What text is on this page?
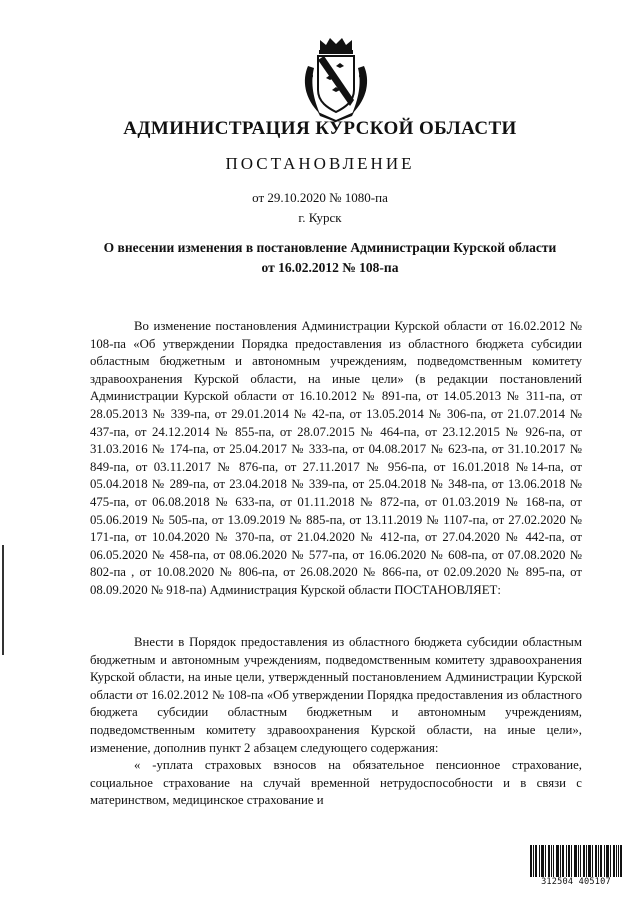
АДМИНИСТРАЦИЯ КУРСКОЙ ОБЛАСТИ
ПОСТАНОВЛЕНИЕ
от 29.10.2020 № 1080-па
г. Курск
О внесении изменения в постановление Администрации Курской области от 16.02.2012 № 108-па

Во изменение постановления Администрации Курской области от 16.02.2012 № 108-па «Об утверждении Порядка предоставления из областного бюджета субсидии областным бюджетным и автономным учреждениям, подведомственным комитету здравоохранения Курской области, на иные цели» (в редакции постановлений Администрации Курской области от 16.10.2012 № 891-па, от 14.05.2013 № 311-па, от 28.05.2013 № 339-па, от 29.01.2014 № 42-па, от 13.05.2014 № 306-па, от 21.07.2014 № 437-па, от 24.12.2014 № 855-па, от 28.07.2015 № 464-па, от 23.12.2015 № 926-па, от 31.03.2016 № 174-па, от 25.04.2017 № 333-па, от 04.08.2017 № 623-па, от 31.10.2017 № 849-па, от 03.11.2017 № 876-па, от 27.11.2017 № 956-па, от 16.01.2018 №14-па, от 05.04.2018 № 289-па, от 23.04.2018 № 339-па, от 25.04.2018 № 348-па, от 13.06.2018 № 475-па, от 06.08.2018 № 633-па, от 01.11.2018 № 872-па, от 01.03.2019 № 168-па, от 05.06.2019 № 505-па, от 13.09.2019 № 885-па, от 13.11.2019 № 1107-па, от 27.02.2020 № 171-па, от 10.04.2020 № 370-па, от 21.04.2020 № 412-па, от 27.04.2020 № 442-па, от 06.05.2020 № 458-па, от 08.06.2020 № 577-па, от 16.06.2020 № 608-па, от 07.08.2020 № 802-па , от 10.08.2020 № 806-па, от 26.08.2020 № 866-па, от 02.09.2020 № 895-па, от 08.09.2020 № 918-па) Администрация Курской области ПОСТАНОВЛЯЕТ:

Внести в Порядок предоставления из областного бюджета субсидии областным бюджетным и автономным учреждениям, подведомственным комитету здравоохранения Курской области, на иные цели, утвержденный постановлением Администрации Курской области от 16.02.2012 № 108-па «Об утверждении Порядка предоставления из областного бюджета субсидии областным бюджетным и автономным учреждениям, подведомственным комитету здравоохранения Курской области, на иные цели», изменение, дополнив пункт 2 абзацем следующего содержания:

« -уплата страховых взносов на обязательное пенсионное страхование, социальное страхование на случай временной нетрудоспособности и в связи с материнством, медицинское страхование и

312504 405107
